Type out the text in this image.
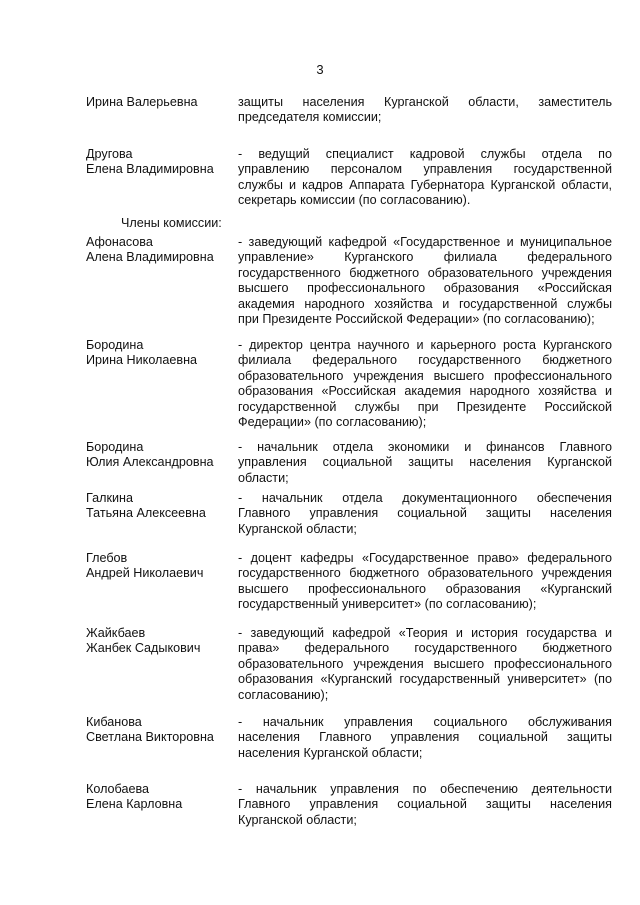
3
Члены комиссии:
Ирина Валерьевна	защиты населения Курганской области, заместитель
председателя комиссии;
Другова
Елена Владимировна
- ведущий специалист кадровой службы отдела по
управлению персоналом управления государственной
службы и кадров Аппарата Губернатора Курганской области,
секретарь комиссии (по согласованию).
Афонасова
Алена Владимировна
- заведующий кафедрой «Государственное и муниципальное
управление» Курганского филиала федерального
государственного бюджетного образовательного учреждения
высшего профессионального образования «Российская
академия народного хозяйства и государственной службы
при Президенте Российской Федерации» (по согласованию);
Бородина
Ирина Николаевна
- директор центра научного и карьерного роста Курганского
филиала федерального государственного бюджетного
образовательного учреждения высшего профессионального
образования «Российская академия народного хозяйства и
государственной службы при Президенте Российской
Федерации» (по согласованию);
Бородина
Юлия Александровна
- начальник отдела экономики и финансов Главного
управления социальной защиты населения Курганской
области;
Галкина
Татьяна Алексеевна
- начальник отдела документационного обеспечения
Главного управления социальной защиты населения
Курганской области;
Глебов
Андрей Николаевич
- доцент кафедры «Государственное право» федерального
государственного бюджетного образовательного учреждения
высшего профессионального образования «Курганский
государственный университет» (по согласованию);
Жайкбаев
Жанбек Садыкович
- заведующий кафедрой «Теория и история государства и
права» федерального государственного бюджетного
образовательного учреждения высшего профессионального
образования «Курганский государственный университет» (по
согласованию);
Кибанова
Светлана Викторовна
- начальник управления социального обслуживания
населения Главного управления социальной защиты
населения Курганской области;
Колобаева
Елена Карловна
- начальник управления по обеспечению деятельности
Главного управления социальной защиты населения
Курганской области;
